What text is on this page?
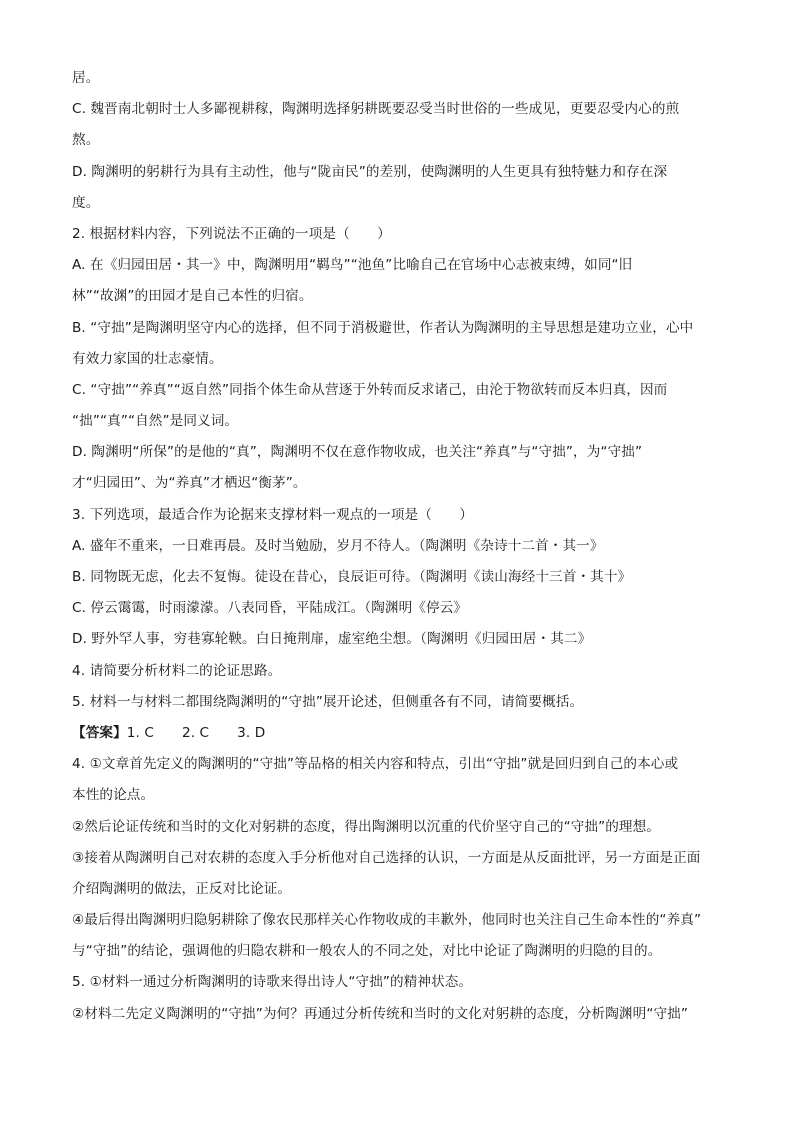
居。
C. 魏晋南北朝时士人多鄙视耕稼，陶渊明选择躬耕既要忍受当时世俗的一些成见，更要忍受内心的煎
熬。
D. 陶渊明的躬耕行为具有主动性，他与“陇亩民”的差别，使陶渊明的人生更具有独特魅力和存在深
度。
2. 根据材料内容，下列说法不正确的一项是（　　）
A. 在《归园田居・其一》中，陶渊明用“羁鸟”“池鱼”比喻自己在官场中心志被束缚，如同“旧
林”“故渊”的田园才是自己本性的归宿。
B. “守拙”是陶渊明坚守内心的选择，但不同于消极避世，作者认为陶渊明的主导思想是建功立业，心中
有效力家国的壮志豪情。
C. “守拙”“养真”“返自然”同指个体生命从营逐于外转而反求诸己，由沦于物欲转而反本归真，因而
“拙”“真”“自然”是同义词。
D. 陶渊明“所保”的是他的“真”，陶渊明不仅在意作物收成，也关注“养真”与“守拙”，为“守拙”
才“归园田”、为“养真”才栖迟“衡茅”。
3. 下列选项，最适合作为论据来支撑材料一观点的一项是（　　）
A. 盛年不重来，一日难再晨。及时当勉励，岁月不待人。（陶渊明《杂诗十二首・其一》
B. 同物既无虑，化去不复悔。徒设在昔心，良辰讵可待。（陶渊明《读山海经十三首・其十》
C. 停云霭霭，时雨濛濛。八表同昏，平陆成江。（陶渊明《停云》
D. 野外罕人事，穷巷寡轮鞅。白日掩荆扉，虚室绝尘想。（陶渊明《归园田居・其二》
4. 请简要分析材料二的论证思路。
5. 材料一与材料二都围绕陶渊明的“守拙”展开论述，但侧重各有不同，请简要概括。
【答案】1. C 2. C 3. D
4. ①文章首先定义的陶渊明的“守拙”等品格的相关内容和特点，引出“守拙”就是回归到自己的本心或
本性的论点。
②然后论证传统和当时的文化对躬耕的态度，得出陶渊明以沉重的代价坚守自己的“守拙”的理想。
③接着从陶渊明自己对农耕的态度入手分析他对自己选择的认识，一方面是从反面批评，另一方面是正面
介绍陶渊明的做法，正反对比论证。
④最后得出陶渊明归隐躬耕除了像农民那样关心作物收成的丰歉外，他同时也关注自己生命本性的“养真”
与“守拙”的结论，强调他的归隐农耕和一般农人的不同之处，对比中论证了陶渊明的归隐的目的。
5. ①材料一通过分析陶渊明的诗歌来得出诗人“守拙”的精神状态。
②材料二先定义陶渊明的“守拙”为何？再通过分析传统和当时的文化对躬耕的态度，分析陶渊明“守拙”
